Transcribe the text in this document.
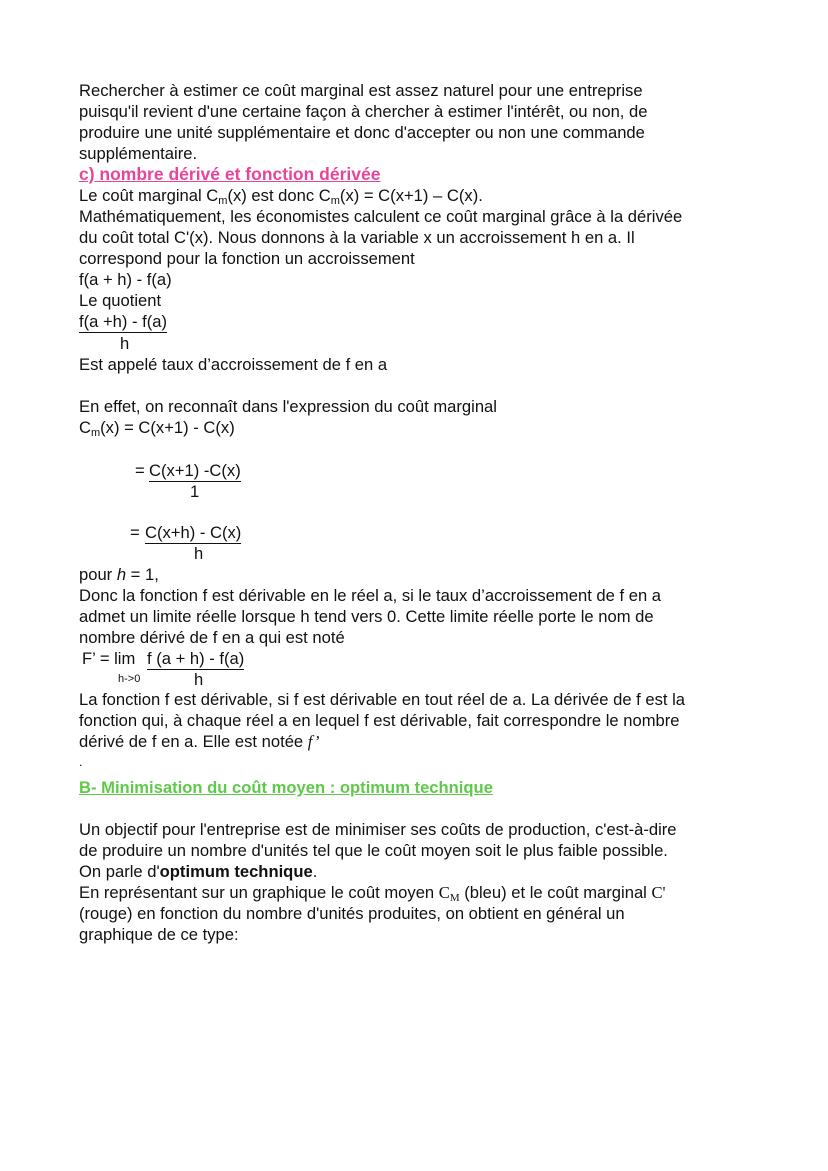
Rechercher à estimer ce coût marginal est assez naturel pour une entreprise
puisqu'il revient d'une certaine façon à chercher à estimer l'intérêt, ou non, de
produire une unité supplémentaire et donc d'accepter ou non une commande
supplémentaire.
c) nombre dérivé et fonction dérivée
Le coût marginal Cm(x) est donc Cm(x) = C(x+1) – C(x).
Mathématiquement, les économistes calculent ce coût marginal grâce à la dérivée
du coût total C'(x). Nous donnons à la variable x un accroissement h en a. Il
correspond pour la fonction un accroissement
f(a + h) - f(a)
Le quotient
f(a +h) - f(a)
h
Est appelé taux d’accroissement de f en a
En effet, on reconnaît dans l'expression du coût marginal
Cm(x) = C(x+1) - C(x)
= C(x+1) -C(x)
1
= C(x+h) - C(x)
h
pour h = 1,
Donc la fonction f est dérivable en le réel a, si le taux d’accroissement de f en a
admet un limite réelle lorsque h tend vers 0. Cette limite réelle porte le nom de
nombre dérivé de f en a qui est noté
F’ = lim f (a + h) - f(a)
h->0	h
La fonction f est dérivable, si f est dérivable en tout réel de a. La dérivée de f est la
fonction qui, à chaque réel a en lequel f est dérivable, fait correspondre le nombre
dérivé de f en a. Elle est notée f’
.
B- Minimisation du coût moyen : optimum technique
Un objectif pour l'entreprise est de minimiser ses coûts de production, c'est-à-dire
de produire un nombre d'unités tel que le coût moyen soit le plus faible possible.
On parle d'optimum technique.
En représentant sur un graphique le coût moyen CM (bleu) et le coût marginal C'
(rouge) en fonction du nombre d'unités produites, on obtient en général un
graphique de ce type:
